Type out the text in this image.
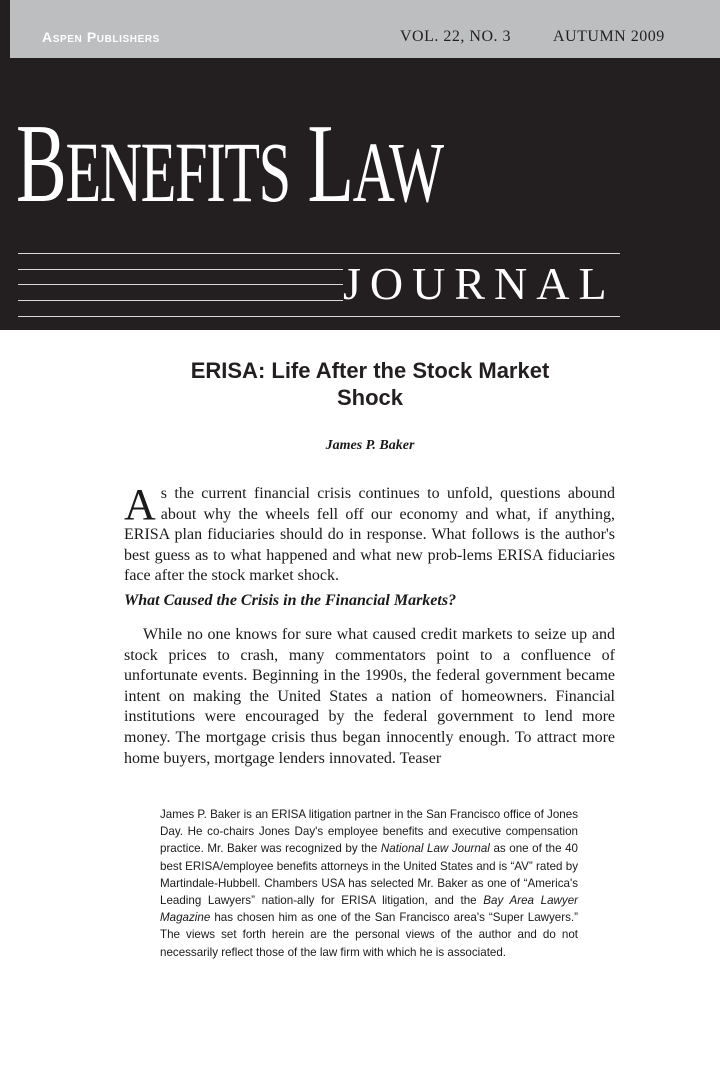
Aspen Publishers	VOL. 22, NO. 3	AUTUMN 2009
BENEFITS LAW
JOURNAL
ERISA: Life After the Stock Market Shock
James P. Baker

As the current financial crisis continues to unfold, questions abound about why the wheels fell off our economy and what, if anything, ERISA plan fiduciaries should do in response. What follows is the author's best guess as to what happened and what new prob-lems ERISA fiduciaries face after the stock market shock.

What Caused the Crisis in the Financial Markets?

While no one knows for sure what caused credit markets to seize up and stock prices to crash, many commentators point to a confluence of unfortunate events. Beginning in the 1990s, the federal government became intent on making the United States a nation of homeowners. Financial institutions were encouraged by the federal government to lend more money. The mortgage crisis thus began innocently enough. To attract more home buyers, mortgage lenders innovated. Teaser

James P. Baker is an ERISA litigation partner in the San Francisco office of Jones Day. He co-chairs Jones Day's employee benefits and executive compensation practice. Mr. Baker was recognized by the National Law Journal as one of the 40 best ERISA/employee benefits attorneys in the United States and is “AV” rated by Martindale-Hubbell. Chambers USA has selected Mr. Baker as one of “America's Leading Lawyers” nation-ally for ERISA litigation, and the Bay Area Lawyer Magazine has chosen him as one of the San Francisco area's “Super Lawyers.” The views set forth herein are the personal views of the author and do not necessarily reflect those of the law firm with which he is associated.
